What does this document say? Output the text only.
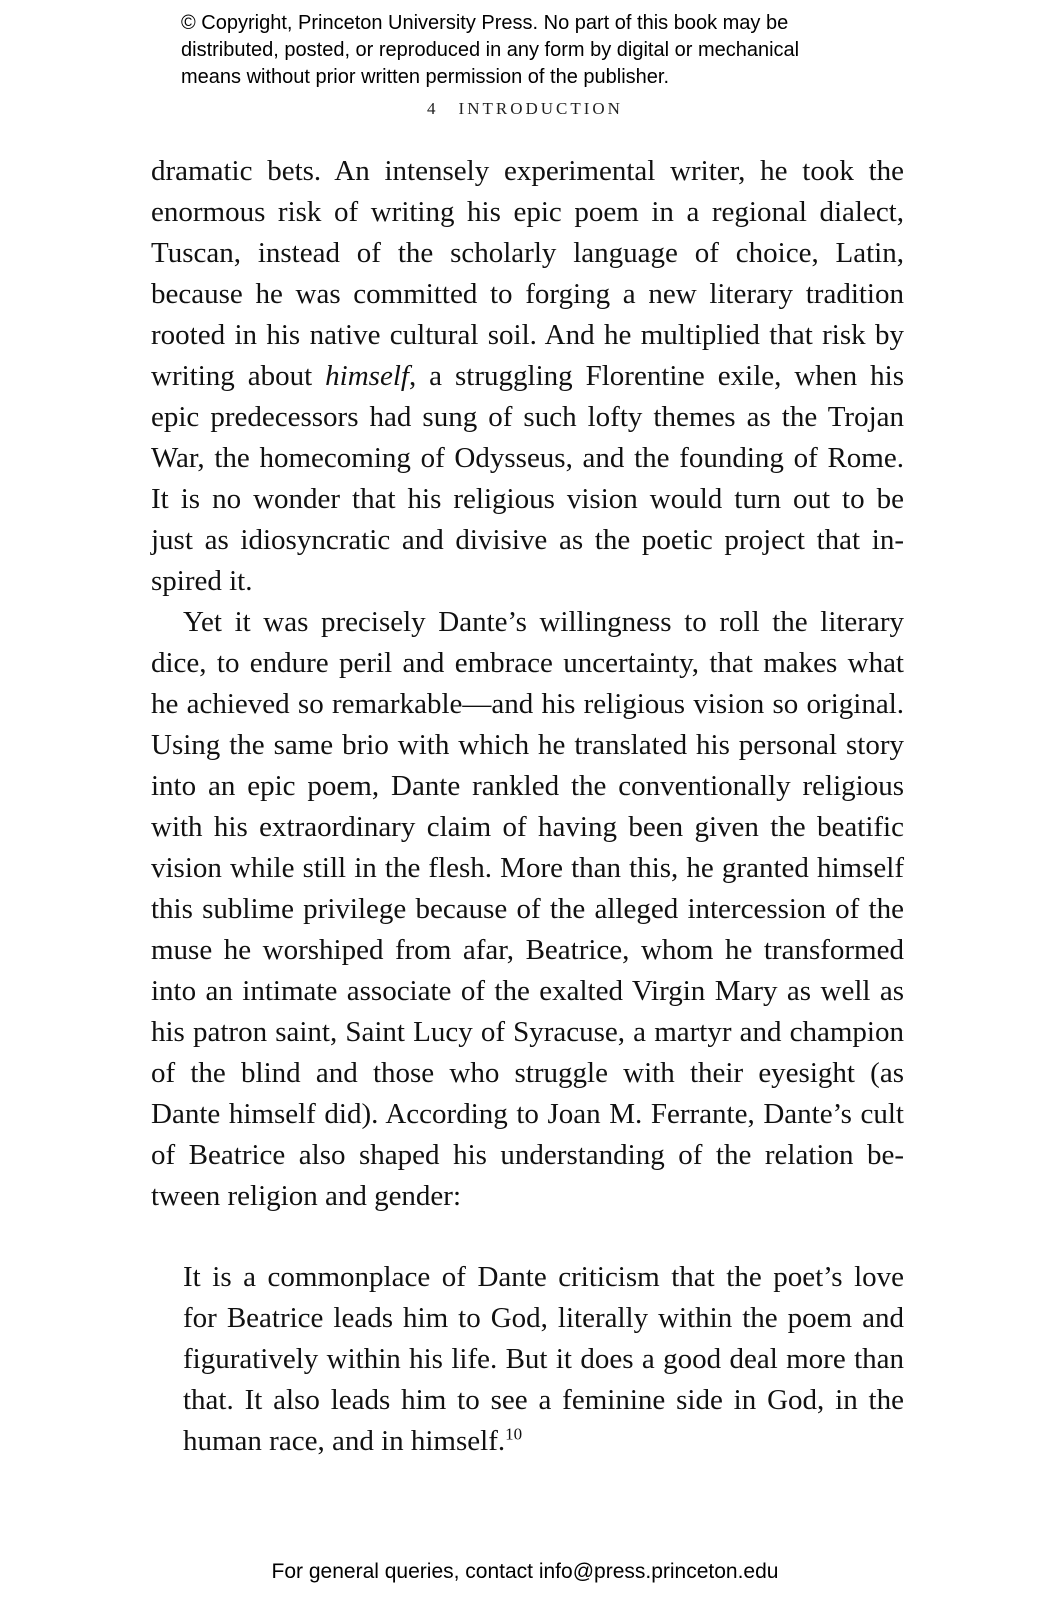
© Copyright, Princeton University Press. No part of this book may be
distributed, posted, or reproduced in any form by digital or mechanical
means without prior written permission of the publisher.
4 INTRODUCTION
dramatic bets. An intensely experimental writer, he took the
enormous risk of writing his epic poem in a regional dialect,
Tuscan, instead of the scholarly language of choice, Latin,
because he was committed to forging a new literary tradition
rooted in his native cultural soil. And he multiplied that risk by
writing about himself, a struggling Florentine exile, when his
epic predecessors had sung of such lofty themes as the Trojan
War, the homecoming of Odysseus, and the founding of Rome.
It is no wonder that his religious vision would turn out to be
just as idiosyncratic and divisive as the poetic project that in-
spired it.
Yet it was precisely Dante’s willingness to roll the literary
dice, to endure peril and embrace uncertainty, that makes what
he achieved so remarkable—and his religious vision so original.
Using the same brio with which he translated his personal story
into an epic poem, Dante rankled the conventionally religious
with his extraordinary claim of having been given the beatific
vision while still in the flesh. More than this, he granted himself
this sublime privilege because of the alleged intercession of the
muse he worshiped from afar, Beatrice, whom he transformed
into an intimate associate of the exalted Virgin Mary as well as
his patron saint, Saint Lucy of Syracuse, a martyr and champion
of the blind and those who struggle with their eyesight (as
Dante himself did). According to Joan M. Ferrante, Dante’s cult
of Beatrice also shaped his understanding of the relation be-
tween religion and gender:
It is a commonplace of Dante criticism that the poet’s love
for Beatrice leads him to God, literally within the poem and
figuratively within his life. But it does a good deal more than
that. It also leads him to see a feminine side in God, in the
human race, and in himself.$^{10}$
For general queries, contact info@press.princeton.edu
